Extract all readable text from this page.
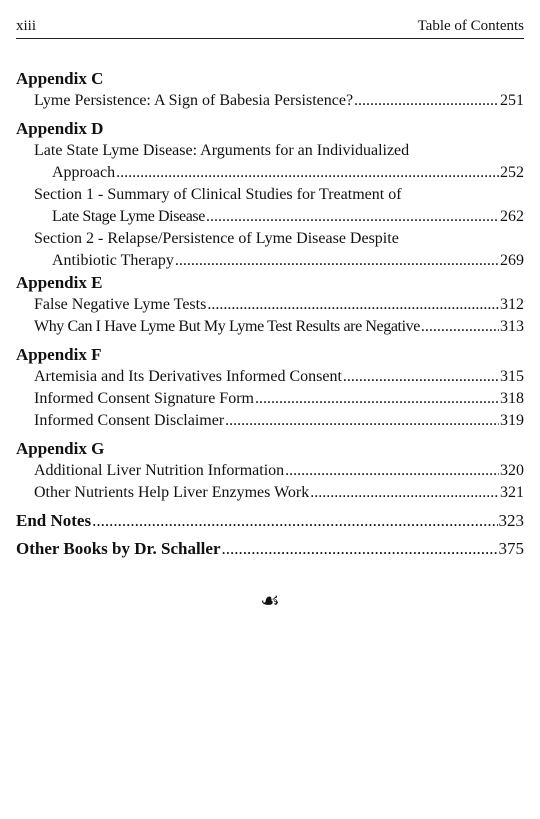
xiii	Table of Contents
Appendix C
Lyme Persistence: A Sign of Babesia Persistence? .....	251
Appendix D
Late State Lyme Disease: Arguments for an Individualized
Approach .....	252
Section 1 - Summary of Clinical Studies for Treatment of
Late Stage Lyme Disease .....	262
Section 2 - Relapse/Persistence of Lyme Disease Despite
Antibiotic Therapy .....	269
Appendix E
False Negative Lyme Tests .....	312
Why Can I Have Lyme But My Lyme Test Results are Negative .....	313
Appendix F
Artemisia and Its Derivatives Informed Consent .....	315
Informed Consent Signature Form .....	318
Informed Consent Disclaimer .....	319
Appendix G
Additional Liver Nutrition Information .....	320
Other Nutrients Help Liver Enzymes Work .....	321
End Notes .....	323
Other Books by Dr. Schaller .....	375
☙
